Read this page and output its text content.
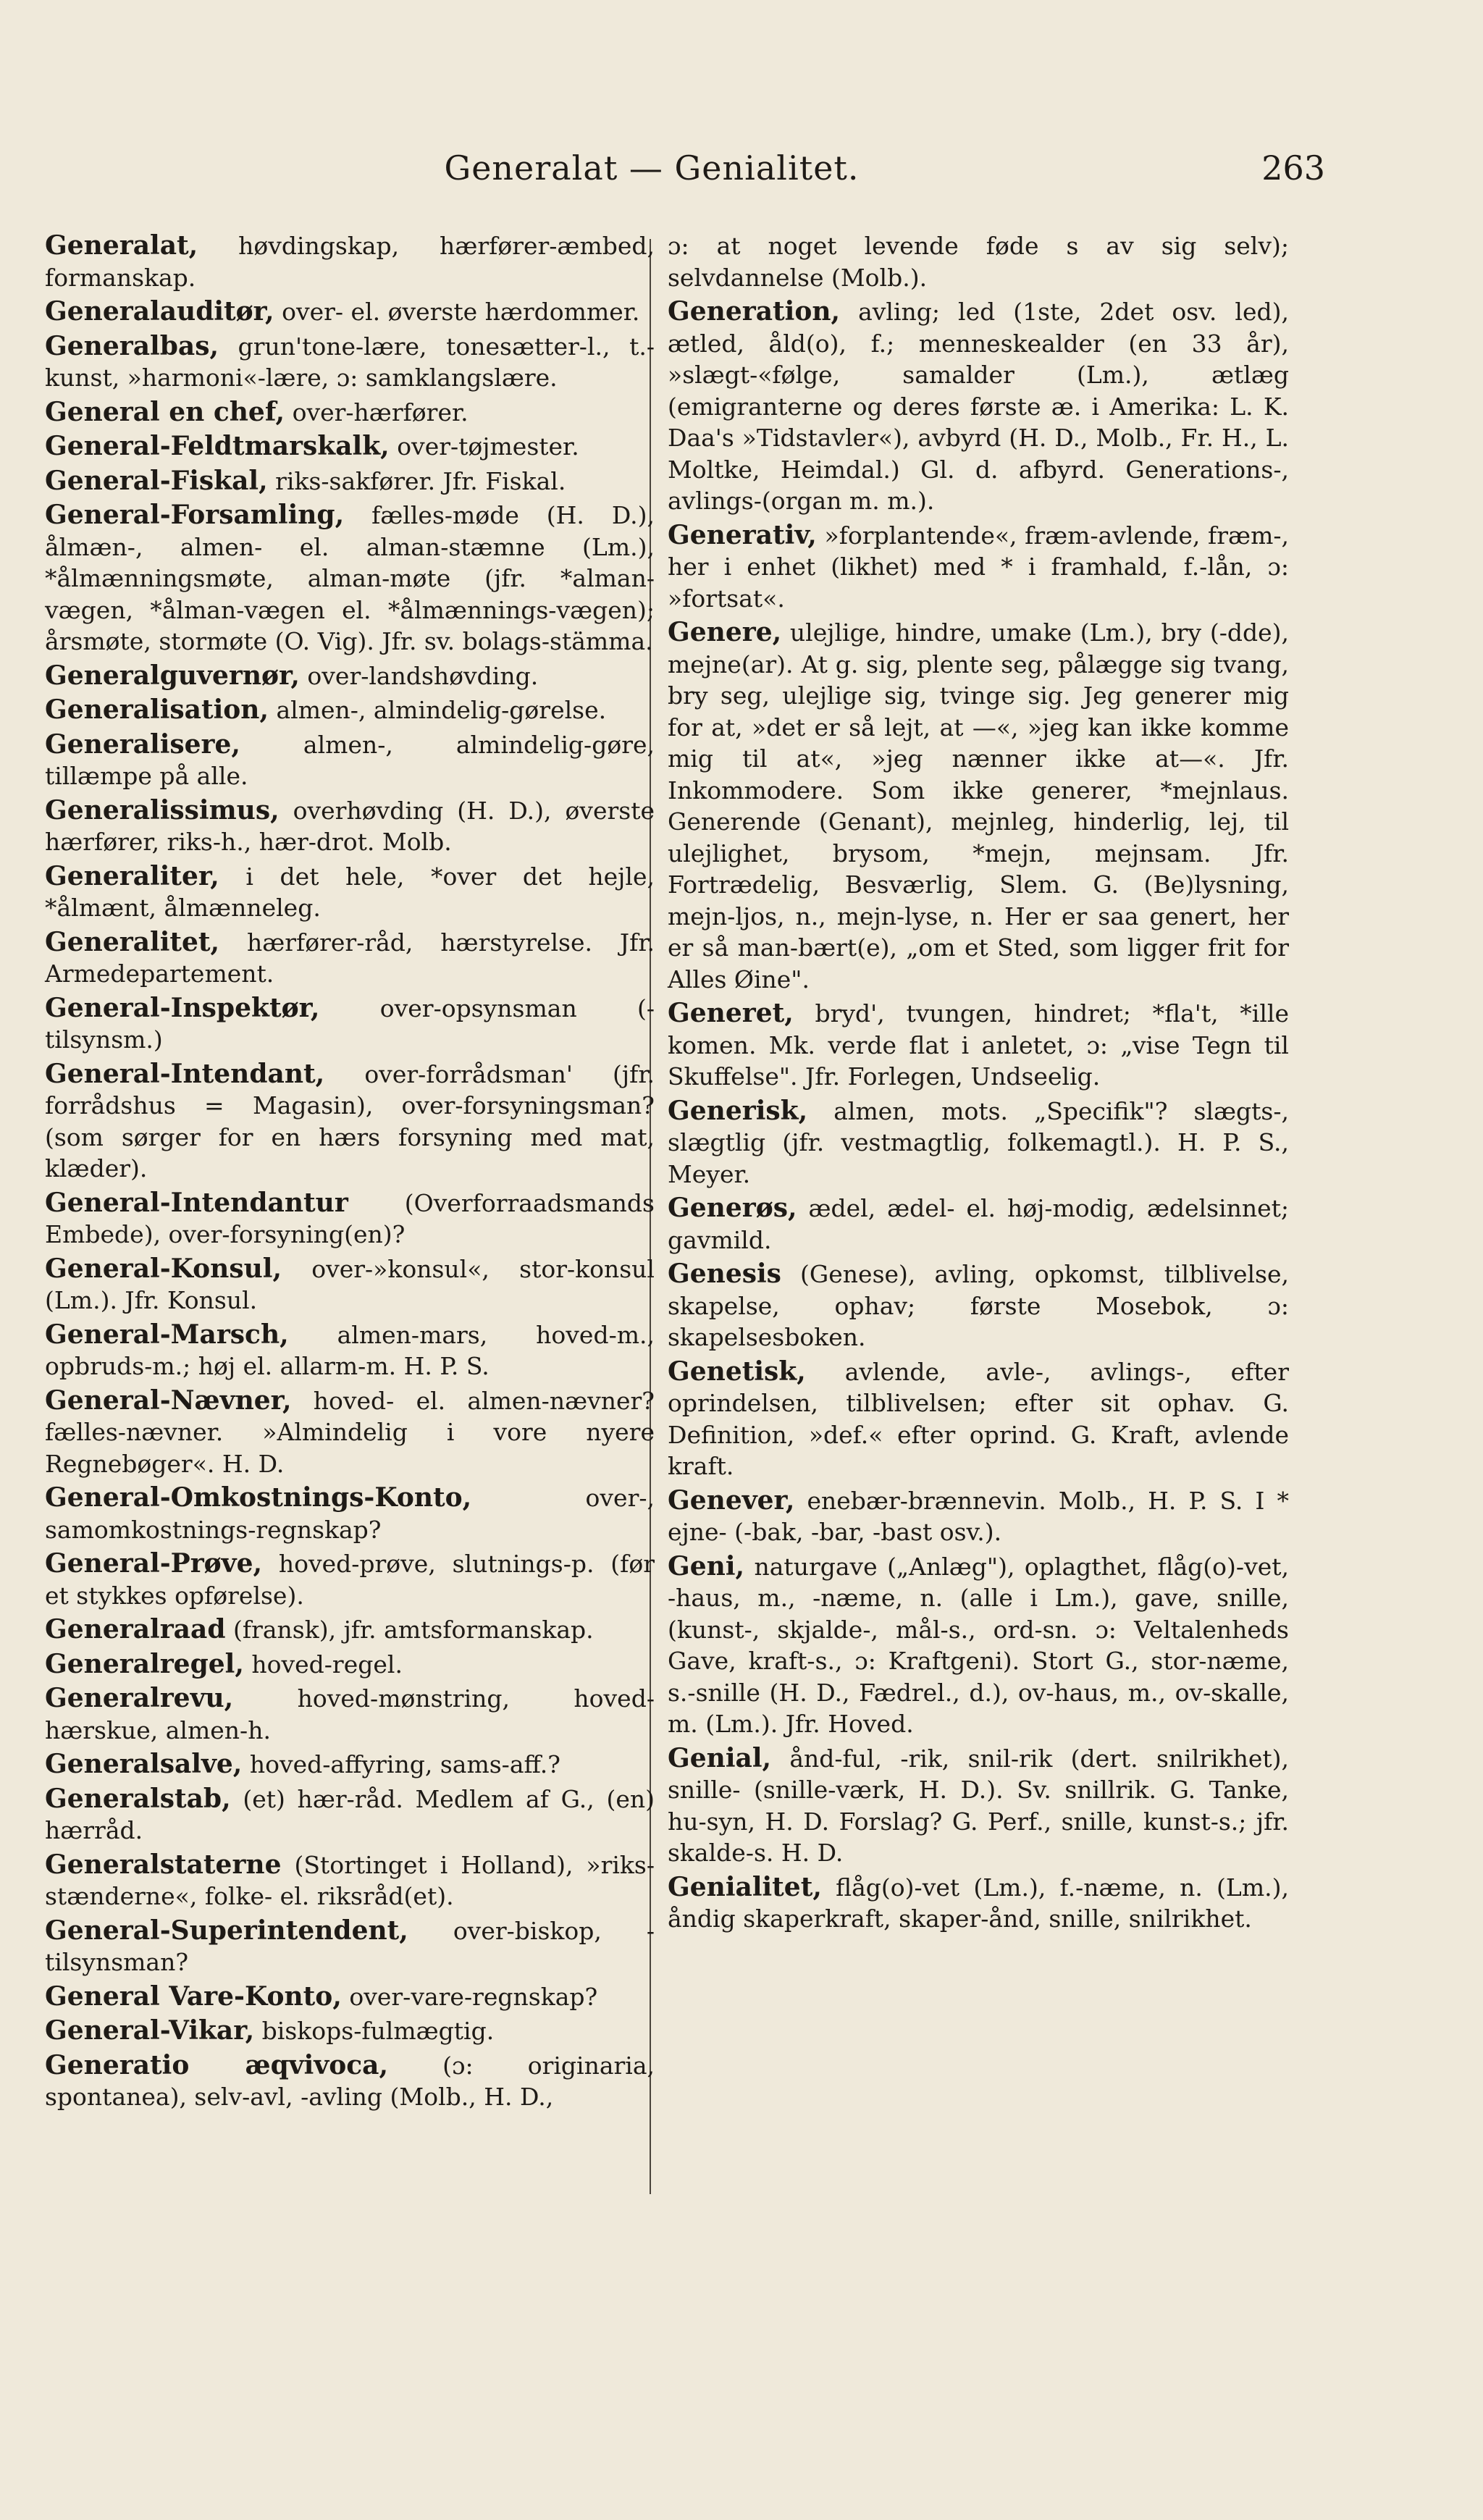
Generalat — Genialitet.	263

Generalat, høvdingskap, hærfører-æmbed, formanskap.

Generalauditør, over- el. øverste hærdommer.

Generalbas, grun'tone-lære, tonesætter-l., t.-kunst, »harmoni«-lære, ɔ: samklangslære.

General en chef, over-hærfører.

General-Feldtmarskalk, over-tøjmester.

General-Fiskal, riks-sakfører. Jfr. Fiskal.

General-Forsamling, fælles-møde (H. D.), ålmæn-, almen- el. alman-stæmne (Lm.), *ålmænningsmøte, alman-møte (jfr. *alman-vægen, *ålman-vægen el. *ålmænnings-vægen); årsmøte, stormøte (O. Vig). Jfr. sv. bolags-stämma.

Generalguvernør, over-landshøvding.

Generalisation, almen-, almindelig-gørelse.

Generalisere,	almen-, almindelig-gøre, tillæmpe på alle.

Generalissimus, overhøvding (H. D.), øverste hærfører, riks-h., hær-drot. Molb.

Generaliter, i det hele, *over det hejle, *ålmænt, ålmænneleg.

Generalitet, hærfører-råd, hærstyrelse. Jfr. Armedepartement.

General-Inspektør,	over-opsynsman (-tilsynsm.)

General-Intendant, over-forrådsman' (jfr. forrådshus = Magasin), over-forsyningsman? (som sørger for en hærs forsyning med mat, klæder).

General-Intendantur (Overforraadsmands Embede), over-forsyning(en)?

General-Konsul, over-»konsul«, stor-konsul (Lm.). Jfr. Konsul.

General-Marsch, almen-mars, hoved-m., opbruds-m.; høj el. allarm-m. H. P. S.

General-Nævner, hoved- el. almen-nævner? fælles-nævner. »Almindelig i vore nyere Regnebøger«. H. D.

General-Omkostnings-Konto,	over-, samomkostnings-regnskap?

General-Prøve, hoved-prøve, slutnings-p. (før et stykkes opførelse).

Generalraad (fransk), jfr. amtsformanskap.

Generalregel, hoved-regel.

Generalrevu,	hoved-mønstring, hoved-hærskue, almen-h.

Generalsalve, hoved-affyring, sams-aff.?

Generalstab, (et) hær-råd. Medlem af G., (en) hærråd.

Generalstaterne (Stortinget i Holland), »riks-stænderne«, folke- el. riksråd(et).

General-Superintendent, over-biskop, -tilsynsman?

General Vare-Konto, over-vare-regnskap?

General-Vikar, biskops-fulmægtig.

Generatio æqvivoca, (ɔ: originaria, spontanea), selv-avl, -avling (Molb., H. D.,

ɔ: at noget levende føde s av sig selv); selvdannelse (Molb.).

Generation, avling; led (1ste, 2det osv. led), ætled, åld(o), f.; menneskealder (en 33 år), »slægt-«følge, samalder (Lm.), ætlæg (emigranterne og deres første æ. i Amerika: L. K. Daa's »Tidstavler«), avbyrd (H. D., Molb., Fr. H., L. Moltke, Heimdal.) Gl. d. afbyrd. Generations-, avlings-(organ m. m.).

Generativ, »forplantende«, fræm-avlende, fræm-, her i enhet (likhet) med * i framhald, f.-lån, ɔ: »fortsat«.

Genere, ulejlige, hindre, umake (Lm.), bry (-dde), mejne(ar). At g. sig, plente seg, pålægge sig tvang, bry seg, ulejlige sig, tvinge sig. Jeg generer mig for at, »det er så lejt, at —«, »jeg kan ikke komme mig til at«, »jeg nænner ikke at—«. Jfr. Inkommodere. Som ikke generer, *mejnlaus. Generende (Genant), mejnleg, hinderlig, lej, til ulejlighet, brysom, *mejn, mejnsam. Jfr. Fortrædelig, Besværlig, Slem. G. (Be)lysning, mejn-ljos, n., mejn-lyse, n. Her er saa genert, her er så man-bært(e), „om et Sted, som ligger frit for Alles Øine".

Generet, bryd', tvungen, hindret; *fla't, *ille komen. Mk. verde flat i anletet, ɔ: „vise Tegn til Skuffelse". Jfr. Forlegen, Undseelig.

Generisk, almen, mots. „Specifik"? slægts-, slægtlig (jfr. vestmagtlig, folkemagtl.). H. P. S., Meyer.

Generøs, ædel, ædel- el. høj-modig, ædelsinnet; gavmild.

Genesis (Genese), avling, opkomst, tilblivelse, skapelse, ophav; første Mosebok, ɔ: skapelsesboken.

Genetisk, avlende, avle-, avlings-, efter oprindelsen, tilblivelsen; efter sit ophav. G. Definition, »def.« efter oprind. G. Kraft, avlende kraft.

Genever, enebær-brænnevin. Molb., H. P. S. I * ejne- (-bak, -bar, -bast osv.).

Geni, naturgave („Anlæg"), oplagthet, flåg(o)-vet, -haus, m., -næme, n. (alle i Lm.), gave, snille, (kunst-, skjalde-, mål-s., ord-sn. ɔ: Veltalenheds Gave, kraft-s., ɔ: Kraftgeni). Stort G., stor-næme, s.-snille (H. D., Fædrel., d.), ov-haus, m., ov-skalle, m. (Lm.). Jfr. Hoved.

Genial, ånd-ful, -rik, snil-rik (dert. snilrikhet), snille- (snille-værk, H. D.). Sv. snillrik. G. Tanke, hu-syn, H. D. Forslag? G. Perf., snille, kunst-s.; jfr. skalde-s. H. D.

Genialitet, flåg(o)-vet (Lm.), f.-næme, n. (Lm.), åndig skaperkraft, skaper-ånd, snille, snilrikhet.
